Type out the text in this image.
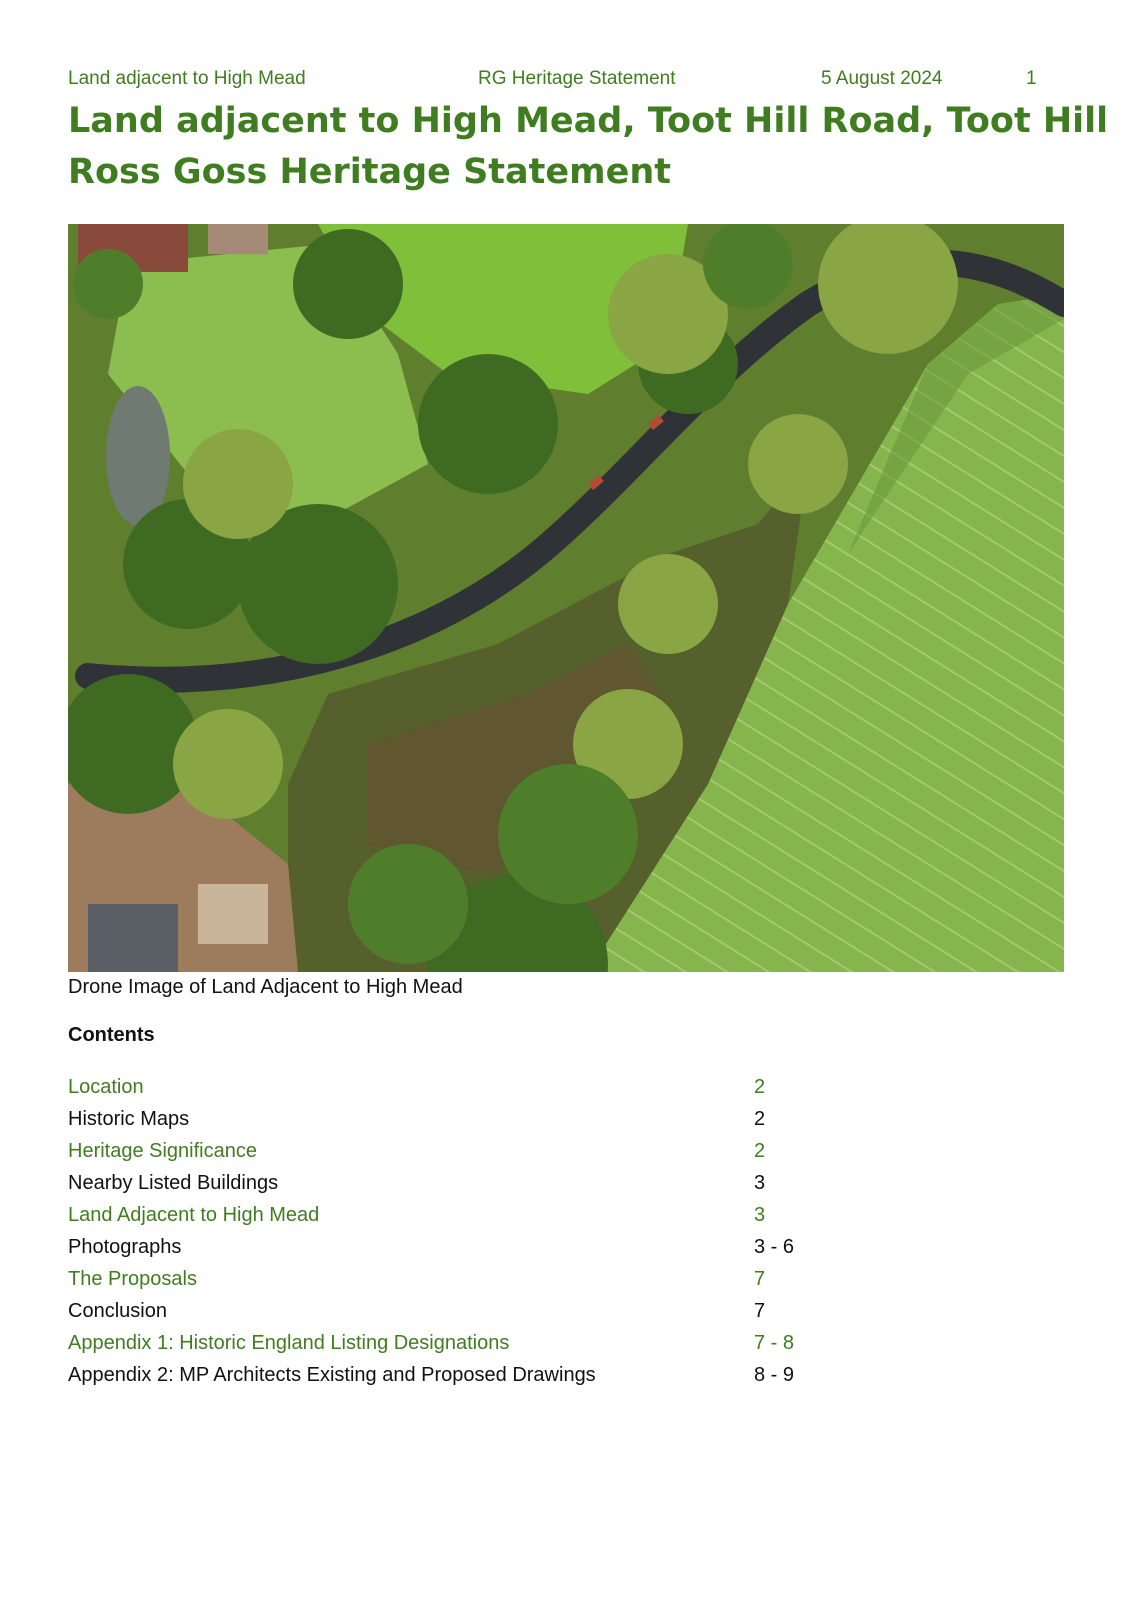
Land adjacent to High Mead	RG Heritage Statement	5 August 2024	1
Land adjacent to High Mead, Toot Hill Road, Toot Hill
Ross Goss Heritage Statement
Drone Image of Land Adjacent to High Mead
Contents
Location	2
Historic Maps	2
Heritage Significance	2
Nearby Listed Buildings	3
Land Adjacent to High Mead	3
Photographs	3 - 6
The Proposals	7
Conclusion	7
Appendix 1: Historic England Listing Designations	7 - 8
Appendix 2: MP Architects Existing and Proposed Drawings	8 - 9
